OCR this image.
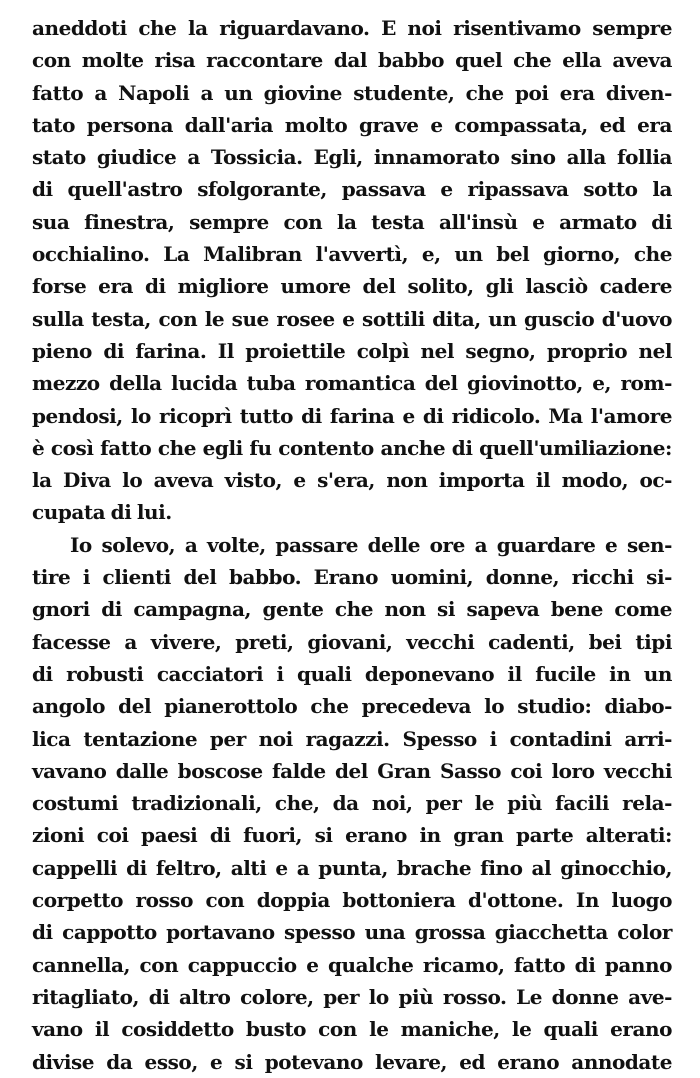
aneddoti che la riguardavano. E noi risentivamo sempre
con molte risa raccontare dal babbo quel che ella aveva
fatto a Napoli a un giovine studente, che poi era diven-
tato persona dall'aria molto grave e compassata, ed era
stato giudice a Tossicia. Egli, innamorato sino alla follia
di quell'astro sfolgorante, passava e ripassava sotto la
sua finestra, sempre con la testa all'insù e armato di
occhialino. La Malibran l'avvertì, e, un bel giorno, che
forse era di migliore umore del solito, gli lasciò cadere
sulla testa, con le sue rosee e sottili dita, un guscio d'uovo
pieno di farina. Il proiettile colpì nel segno, proprio nel
mezzo della lucida tuba romantica del giovinotto, e, rom-
pendosi, lo ricoprì tutto di farina e di ridicolo. Ma l'amore
è così fatto che egli fu contento anche di quell'umiliazione:
la Diva lo aveva visto, e s'era, non importa il modo, oc-
cupata di lui.
Io solevo, a volte, passare delle ore a guardare e sen-
tire i clienti del babbo. Erano uomini, donne, ricchi si-
gnori di campagna, gente che non si sapeva bene come
facesse a vivere, preti, giovani, vecchi cadenti, bei tipi
di robusti cacciatori i quali deponevano il fucile in un
angolo del pianerottolo che precedeva lo studio: diabo-
lica tentazione per noi ragazzi. Spesso i contadini arri-
vavano dalle boscose falde del Gran Sasso coi loro vecchi
costumi tradizionali, che, da noi, per le più facili rela-
zioni coi paesi di fuori, si erano in gran parte alterati:
cappelli di feltro, alti e a punta, brache fino al ginocchio,
corpetto rosso con doppia bottoniera d'ottone. In luogo
di cappotto portavano spesso una grossa giacchetta color
cannella, con cappuccio e qualche ricamo, fatto di panno
ritagliato, di altro colore, per lo più rosso. Le donne ave-
vano il cosiddetto busto con le maniche, le quali erano
divise da esso, e si potevano levare, ed erano annodate
